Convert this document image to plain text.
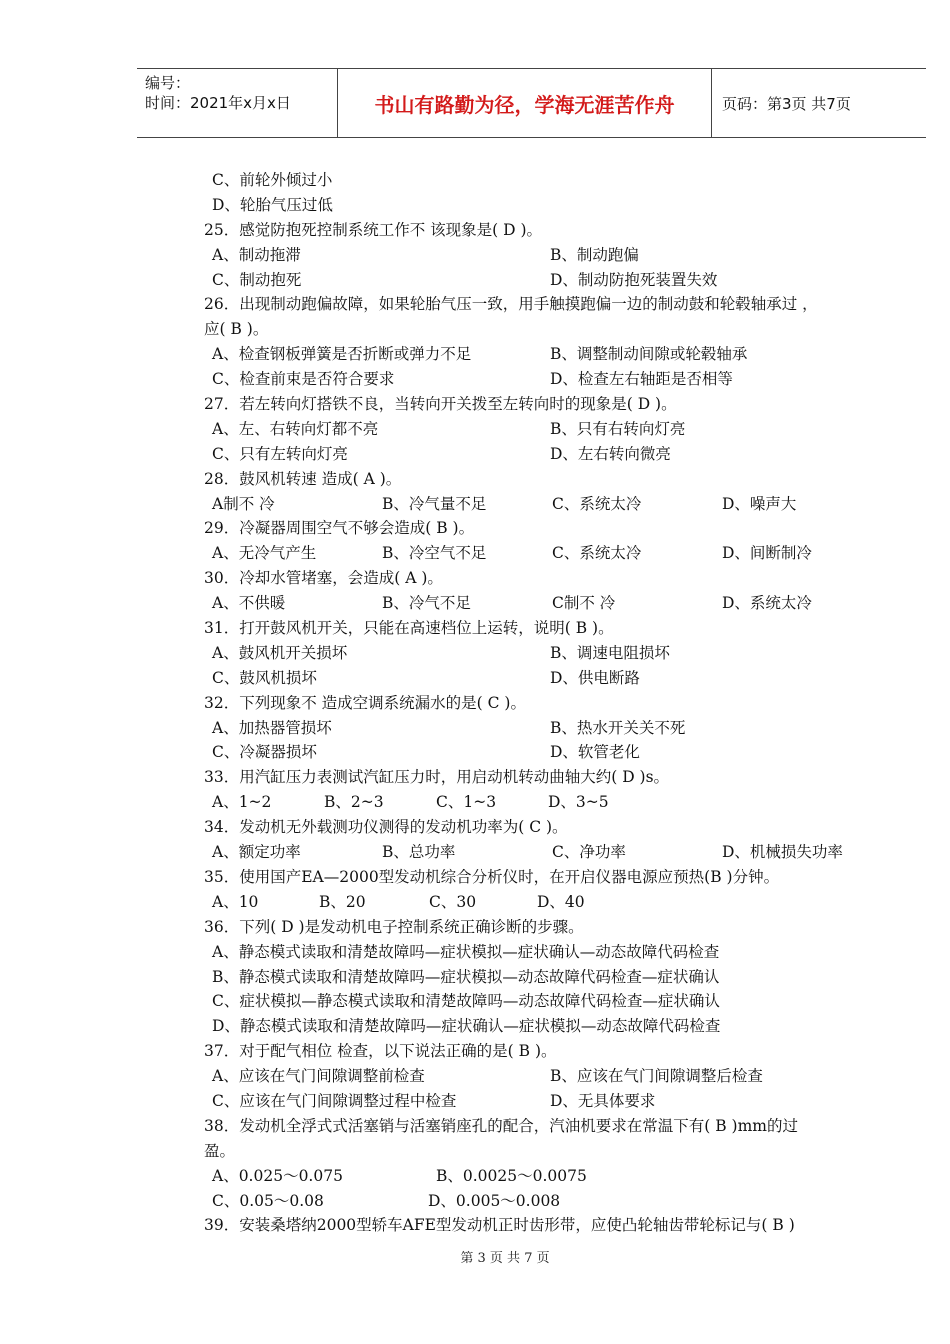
编号：
时间：2021年x月x日	书山有路勤为径，学海无涯苦作舟	页码：第3页 共7页
C、前轮外倾过小
D、轮胎气压过低
25．感觉防抱死控制系统工作不 该现象是( D )。
A、制动拖滞	B、制动跑偏
C、制动抱死	D、制动防抱死装置失效
26．出现制动跑偏故障，如果轮胎气压一致，用手触摸跑偏一边的制动鼓和轮毂轴承过 ，
应( B )。
A、检查钢板弹簧是否折断或弹力不足	B、调整制动间隙或轮毂轴承
C、检查前束是否符合要求	D、检查左右轴距是否相等
27．若左转向灯搭铁不良，当转向开关拨至左转向时的现象是( D )。
A、左、右转向灯都不亮	B、只有右转向灯亮
C、只有左转向灯亮	D、左右转向微亮
28．鼓风机转速 造成( A )。
A制不 冷	B、冷气量不足	C、系统太冷	D、噪声大
29．冷凝器周围空气不够会造成( B )。
A、无冷气产生	B、冷空气不足	C、系统太冷	D、间断制冷
30．冷却水管堵塞，会造成( A )。
A、不供暖	B、冷气不足	C制不 冷	D、系统太冷
31．打开鼓风机开关，只能在高速档位上运转，说明( B )。
A、鼓风机开关损坏	B、调速电阻损坏
C、鼓风机损坏	D、供电断路
32．下列现象不 造成空调系统漏水的是( C )。
A、加热器管损坏	B、热水开关关不死
C、冷凝器损坏	D、软管老化
33．用汽缸压力表测试汽缸压力时，用启动机转动曲轴大约( D )s。
A、1~2	B、2~3	C、1~3	D、3~5
34．发动机无外载测功仪测得的发动机功率为( C )。
A、额定功率	B、总功率	C、净功率	D、机械损失功率
35．使用国产EA—2000型发动机综合分析仪时，在开启仪器电源应预热(B )分钟。
A、10	B、20	C、30	D、40
36．下列( D )是发动机电子控制系统正确诊断的步骤。
A、静态模式读取和清楚故障吗—症状模拟—症状确认—动态故障代码检查
B、静态模式读取和清楚故障吗—症状模拟—动态故障代码检查—症状确认
C、症状模拟—静态模式读取和清楚故障吗—动态故障代码检查—症状确认
D、静态模式读取和清楚故障吗—症状确认—症状模拟—动态故障代码检查
37．对于配气相位 检查，以下说法正确的是( B )。
A、应该在气门间隙调整前检查	B、应该在气门间隙调整后检查
C、应该在气门间隙调整过程中检查	D、无具体要求
38．发动机全浮式式活塞销与活塞销座孔的配合，汽油机要求在常温下有( B )mm的过
盈。
A、0.025～0.075	B、0.0025～0.0075
C、0.05～0.08	D、0.005～0.008
39．安装桑塔纳2000型轿车AFE型发动机正时齿形带，应使凸轮轴齿带轮标记与( B )
第 3 页 共 7 页
